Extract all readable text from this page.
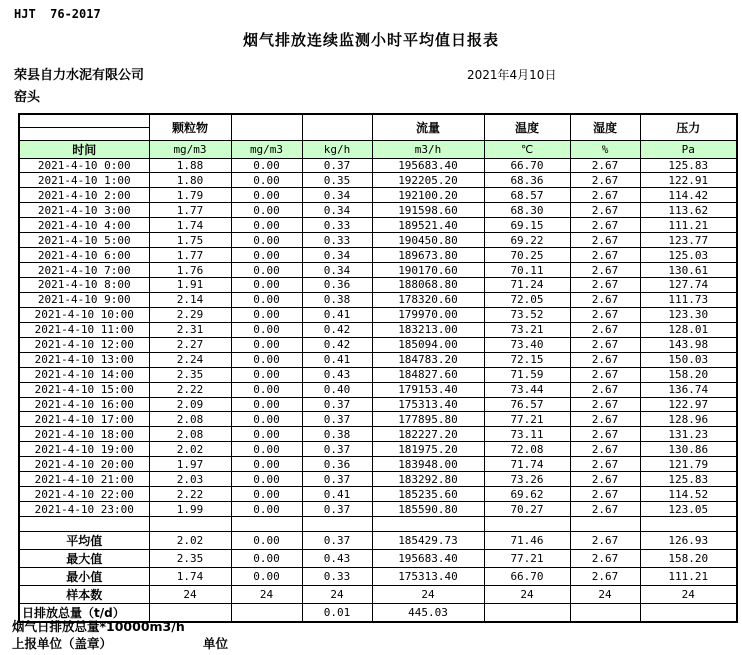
HJT  76-2017
烟气排放连续监测小时平均值日报表
荣县自力水泥有限公司	2021年4月10日
窑头
	颗粒物			流量	温度	湿度	压力

时间	mg/m3	mg/m3	kg/h	m3/h	℃	%	Pa
2021-4-10 0:00	1.88	0.00	0.37	195683.40	66.70	2.67	125.83
2021-4-10 1:00	1.80	0.00	0.35	192205.20	68.36	2.67	122.91
2021-4-10 2:00	1.79	0.00	0.34	192100.20	68.57	2.67	114.42
2021-4-10 3:00	1.77	0.00	0.34	191598.60	68.30	2.67	113.62
2021-4-10 4:00	1.74	0.00	0.33	189521.40	69.15	2.67	111.21
2021-4-10 5:00	1.75	0.00	0.33	190450.80	69.22	2.67	123.77
2021-4-10 6:00	1.77	0.00	0.34	189673.80	70.25	2.67	125.03
2021-4-10 7:00	1.76	0.00	0.34	190170.60	70.11	2.67	130.61
2021-4-10 8:00	1.91	0.00	0.36	188068.80	71.24	2.67	127.74
2021-4-10 9:00	2.14	0.00	0.38	178320.60	72.05	2.67	111.73
2021-4-10 10:00	2.29	0.00	0.41	179970.00	73.52	2.67	123.30
2021-4-10 11:00	2.31	0.00	0.42	183213.00	73.21	2.67	128.01
2021-4-10 12:00	2.27	0.00	0.42	185094.00	73.40	2.67	143.98
2021-4-10 13:00	2.24	0.00	0.41	184783.20	72.15	2.67	150.03
2021-4-10 14:00	2.35	0.00	0.43	184827.60	71.59	2.67	158.20
2021-4-10 15:00	2.22	0.00	0.40	179153.40	73.44	2.67	136.74
2021-4-10 16:00	2.09	0.00	0.37	175313.40	76.57	2.67	122.97
2021-4-10 17:00	2.08	0.00	0.37	177895.80	77.21	2.67	128.96
2021-4-10 18:00	2.08	0.00	0.38	182227.20	73.11	2.67	131.23
2021-4-10 19:00	2.02	0.00	0.37	181975.20	72.08	2.67	130.86
2021-4-10 20:00	1.97	0.00	0.36	183948.00	71.74	2.67	121.79
2021-4-10 21:00	2.03	0.00	0.37	183292.80	73.26	2.67	125.83
2021-4-10 22:00	2.22	0.00	0.41	185235.60	69.62	2.67	114.52
2021-4-10 23:00	1.99	0.00	0.37	185590.80	70.27	2.67	123.05

平均值	2.02	0.00	0.37	185429.73	71.46	2.67	126.93
最大值	2.35	0.00	0.43	195683.40	77.21	2.67	158.20
最小值	1.74	0.00	0.33	175313.40	66.70	2.67	111.21
样本数	24	24	24	24	24	24	24
日排放总量（t/d）			0.01	445.03			
烟气日排放总量*10000m3/h
上报单位（盖章）	单位
